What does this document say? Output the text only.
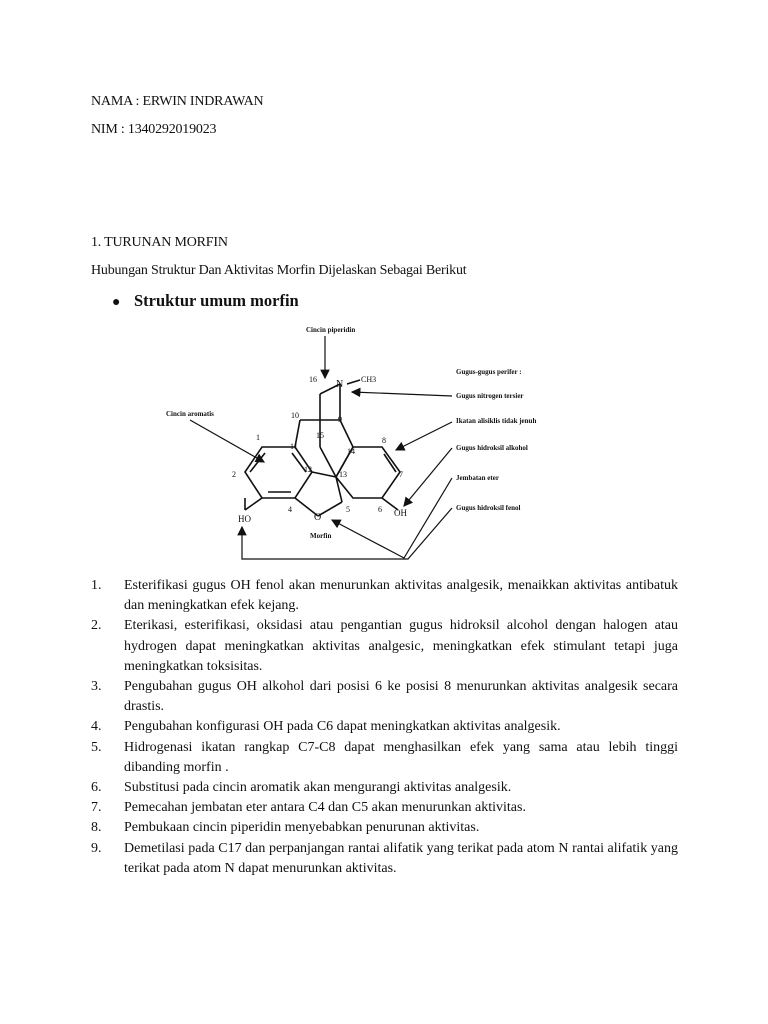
NAMA : ERWIN INDRAWAN
NIM : 1340292019023
1. TURUNAN MORFIN
Hubungan Struktur Dan Aktivitas Morfin Dijelaskan Sebagai Berikut
● Struktur umum morfin
N CH3
O
HO
OH
1
2
4	5	6
7
8
9
10
11
12
13
14
15
16
Cincin piperidin
Cincin aromatis
Gugus-gugus perifer :
Gugus nitrogen tersier
Ikatan alisiklis tidak jenuh
Gugus hidroksil alkohol
Jembatan eter
Gugus hidroksil fenol
Morfin
1.	Esterifikasi gugus OH fenol akan menurunkan aktivitas analgesik, menaikkan aktivitas antibatuk dan meningkatkan efek kejang.
2.	Eterikasi, esterifikasi, oksidasi atau pengantian gugus hidroksil alcohol dengan halogen atau hydrogen dapat meningkatkan aktivitas analgesic, meningkatkan efek stimulant tetapi juga meningkatkan toksisitas.
3.	Pengubahan gugus OH alkohol dari posisi 6 ke posisi 8 menurunkan aktivitas analgesik secara drastis.
4.	Pengubahan konfigurasi OH pada C6 dapat meningkatkan aktivitas analgesik.
5.	Hidrogenasi ikatan rangkap C7-C8 dapat menghasilkan efek yang sama atau lebih tinggi dibanding morfin .
6.	Substitusi pada cincin aromatik akan mengurangi aktivitas analgesik.
7.	Pemecahan jembatan eter antara C4 dan C5 akan menurunkan aktivitas.
8.	Pembukaan cincin piperidin menyebabkan penurunan aktivitas.
9.	Demetilasi pada C17 dan perpanjangan rantai alifatik yang terikat pada atom N rantai alifatik yang terikat pada atom N dapat menurunkan aktivitas.
